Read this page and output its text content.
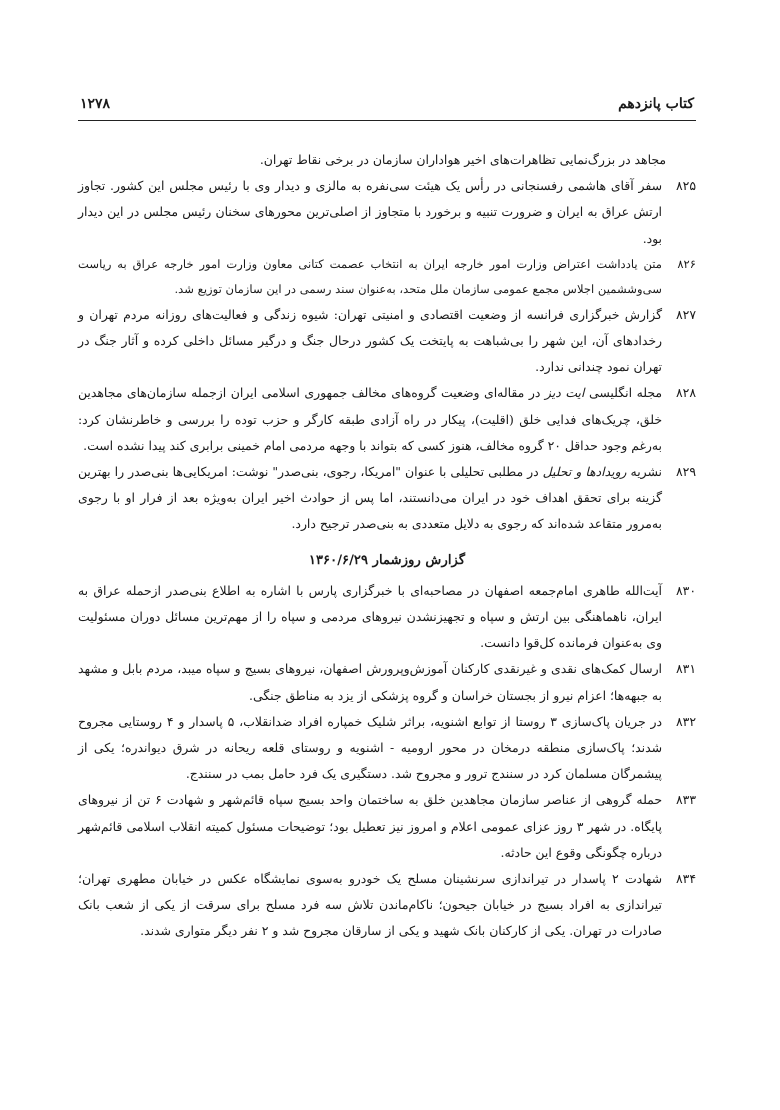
کتاب پانزدهم
۱۲۷۸

مجاهد در بزرگ‌نمایی تظاهرات‌های اخیر هواداران سازمان در برخی نقاط تهران.

۸۲۵
سفر آقای هاشمی رفسنجانی در رأس یک هیئت سی‌نفره به مالزی و دیدار وی با رئیس مجلس این کشور. تجاوز ارتش عراق به ایران و ضرورت تنبیه و برخورد با متجاوز از اصلی‌ترین محورهای سخنان رئیس مجلس در این دیدار بود.
۸۲۶
متن یادداشت اعتراض وزارت امور خارجه ایران به انتخاب عصمت کتانی معاون وزارت امور خارجه عراق به ریاست سی‌وششمین اجلاس مجمع عمومی سازمان ملل متحد، به‌عنوان سند رسمی در این سازمان توزیع شد.
۸۲۷
گزارش خبرگزاری فرانسه از وضعیت اقتصادی و امنیتی تهران: شیوه زندگی و فعالیت‌های روزانه مردم تهران و رخدادهای آن، این شهر را بی‌شباهت به پایتخت یک کشور درحال جنگ و درگیر مسائل داخلی کرده و آثار جنگ در تهران نمود چندانی ندارد.
۸۲۸
مجله انگلیسی ایت دیز در مقاله‌ای وضعیت گروه‌های مخالف جمهوری اسلامی ایران ازجمله سازمان‌های مجاهدین خلق، چریک‌های فدایی خلق (اقلیت)، پیکار در راه آزادی طبقه کارگر و حزب توده را بررسی و خاطرنشان کرد: به‌رغم وجود حداقل ۲۰ گروه مخالف، هنوز کسی که بتواند با وجهه مردمی امام خمینی برابری کند پیدا نشده است.
۸۲۹
نشریه رویدادها و تحلیل در مطلبی تحلیلی با عنوان "امریکا، رجوی، بنی‌صدر" نوشت: امریکایی‌ها بنی‌صدر را بهترین گزینه برای تحقق اهداف خود در ایران می‌دانستند، اما پس از حوادث اخیر ایران به‌ویژه بعد از فرار او با رجوی به‌مرور متقاعد شده‌اند که رجوی به دلایل متعددی به بنی‌صدر ترجیح دارد.
گزارش روزشمار ۱۳۶۰/۶/۲۹
۸۳۰
آیت‌الله طاهری امام‌جمعه اصفهان در مصاحبه‌ای با خبرگزاری پارس با اشاره به اطلاع بنی‌صدر ازحمله عراق به ایران، ناهماهنگی بین ارتش و سپاه و تجهیزنشدن نیروهای مردمی و سپاه را از مهم‌ترین مسائل دوران مسئولیت وی به‌عنوان فرمانده کل‌قوا دانست.
۸۳۱
ارسال کمک‌های نقدی و غیرنقدی کارکنان آموزش‌وپرورش اصفهان، نیروهای بسیج و سپاه میبد، مردم بابل و مشهد به جبهه‌ها؛ اعزام نیرو از بجستان خراسان و گروه پزشکی از یزد به مناطق جنگی.
۸۳۲
در جریان پاک‌سازی ۳ روستا از توابع اشنویه، براثر شلیک خمپاره افراد ضدانقلاب، ۵ پاسدار و ۴ روستایی مجروح شدند؛ پاک‌سازی منطقه درمخان در محور ارومیه - اشنویه و روستای قلعه ریحانه در شرق دیواندره؛ یکی از پیشمرگان مسلمان کرد در سنندج ترور و مجروح شد. دستگیری یک فرد حامل بمب در سنندج.
۸۳۳
حمله گروهی از عناصر سازمان مجاهدین خلق به ساختمان واحد بسیج سپاه قائم‌شهر و شهادت ۶ تن از نیروهای پایگاه. در شهر ۳ روز عزای عمومی اعلام و امروز نیز تعطیل بود؛ توضیحات مسئول کمیته انقلاب اسلامی قائم‌شهر درباره چگونگی وقوع این حادثه.
۸۳۴
شهادت ۲ پاسدار در تیراندازی سرنشینان مسلح یک خودرو به‌سوی نمایشگاه عکس در خیابان مطهری تهران؛ تیراندازی به افراد بسیج در خیابان جیحون؛ ناکام‌ماندن تلاش سه فرد مسلح برای سرقت از یکی از شعب بانک صادرات در تهران. یکی از کارکنان بانک شهید و یکی از سارقان مجروح شد و ۲ نفر دیگر متواری شدند.
